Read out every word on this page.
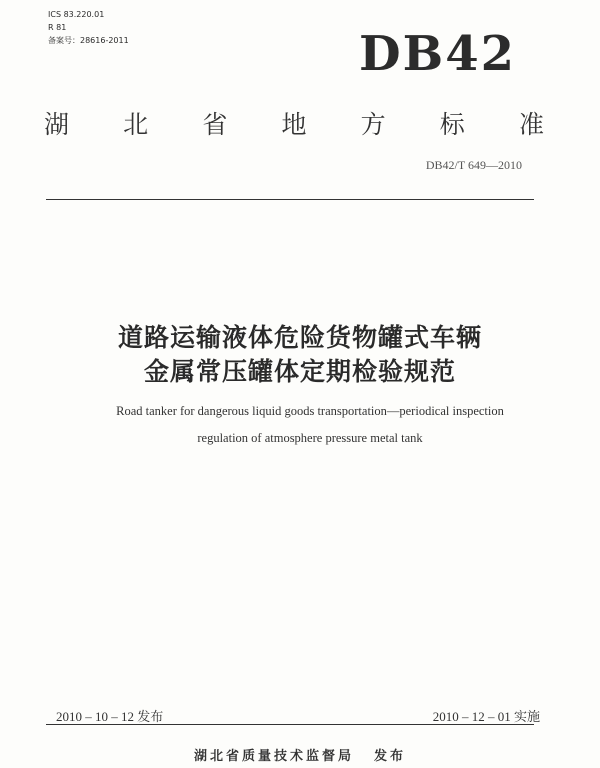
ICS 83.220.01
R 81
备案号：28616-2011	DB42
湖 北 省 地 方 标 准
DB42/T 649—2010
道路运输液体危险货物罐式车辆
金属常压罐体定期检验规范
Road tanker for dangerous liquid goods transportation—periodical inspection
regulation of atmosphere pressure metal tank
2010 – 10 – 12 发布	2010 – 12 – 01 实施
湖北省质量技术监督局 发布
